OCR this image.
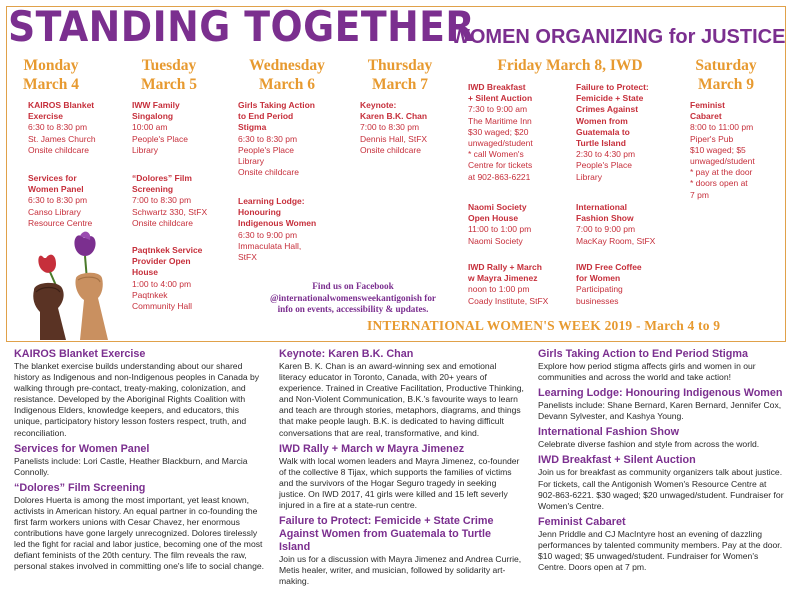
STANDING TOGETHER
WOMEN ORGANIZING for JUSTICE
Monday
March 4
Tuesday
March 5
Wednesday
March 6
Thursday
March 7
Friday March 8, IWD	Saturday
March 9
KAIROS Blanket
Exercise
6:30 to 8:30 pm
St. James Church
Onsite childcare
Services for
Women Panel
6:30 to 8:30 pm
Canso Library
Resource Centre
IWW Family
Singalong
10:00 am
People's Place
Library
“Dolores” Film
Screening
7:00 to 8:30 pm
Schwartz 330, StFX
Onsite childcare
Paqtnkek Service
Provider Open
House
1:00 to 4:00 pm
Paqtnkek
Community Hall
Girls Taking Action
to End Period
Stigma
6:30 to 8:30 pm
People's Place
Library
Onsite childcare
Learning Lodge:
Honouring
Indigenous Women
6:30 to 9:00 pm
Immaculata Hall,
StFX
Keynote:
Karen B.K. Chan
7:00 to 8:30 pm
Dennis Hall, StFX
Onsite childcare
IWD Breakfast
+ Silent Auction
7:30 to 9:00 am
The Maritime Inn
$30 waged; $20
unwaged/student
* call Women's
Centre for tickets
at 902-863-6221
Naomi Society
Open House
11:00 to 1:00 pm
Naomi Society
IWD Rally + March
w Mayra Jimenez
noon to 1:00 pm
Coady Institute, StFX
Failure to Protect:
Femicide + State
Crimes Against
Women from
Guatemala to
Turtle Island
2:30 to 4:30 pm
People's Place
Library
International
Fashion Show
7:00 to 9:00 pm
MacKay Room, StFX
IWD Free Coffee
for Women
Participating
businesses
Feminist
Cabaret
8:00 to 11:00 pm
Piper's Pub
$10 waged; $5
unwaged/student
* pay at the door
* doors open at
7 pm
Find us on Facebook
@internationalwomensweekantigonish for
info on events, accessibility & updates.
INTERNATIONAL WOMEN'S WEEK 2019 - March 4 to 9
KAIROS Blanket Exercise
The blanket exercise builds understanding about our shared history as Indigenous and non-Indigenous peoples in Canada by walking through pre-contact, treaty-making, colonization, and resistance. Developed by the Aboriginal Rights Coalition with Indigenous Elders, knowledge keepers, and educators, this unique, participatory history lesson fosters respect, truth, and reconciliation.
Services for Women Panel
Panelists include: Lori Castle, Heather Blackburn, and Marcia Connolly.
“Dolores” Film Screening
Dolores Huerta is among the most important, yet least known, activists in American history. An equal partner in co-founding the first farm workers unions with Cesar Chavez, her enormous contributions have gone largely unrecognized. Dolores tirelessly led the fight for racial and labor justice, becoming one of the most defiant feminists of the 20th century. The film reveals the raw, personal stakes involved in committing one's life to social change.
Keynote: Karen B.K. Chan
Karen B. K. Chan is an award-winning sex and emotional literacy educator in Toronto, Canada, with 20+ years of experience. Trained in Creative Facilitation, Productive Thinking, and Non-Violent Communication, B.K.'s favourite ways to learn and teach are through stories, metaphors, diagrams, and things that make people laugh. B.K. is dedicated to having difficult conversations that are real, transformative, and kind.
IWD Rally + March w Mayra Jimenez
Walk with local women leaders and Mayra Jimenez, co-founder of the collective 8 Tijax, which supports the families of victims and the survivors of the Hogar Seguro tragedy in seeking justice. On IWD 2017, 41 girls were killed and 15 left severly injured in a fire at a state-run centre.
Failure to Protect: Femicide + State Crime Against Women from Guatemala to Turtle Island
Join us for a discussion with Mayra Jimenez and Andrea Currie, Metis healer, writer, and musician, followed by solidarity art-making.
Girls Taking Action to End Period Stigma
Explore how period stigma affects girls and women in our communities and across the world and take action!
Learning Lodge: Honouring Indigenous Women
Panelists include: Shane Bernard, Karen Bernard, Jennifer Cox, Devann Sylvester, and Kashya Young.
International Fashion Show
Celebrate diverse fashion and style from across the world.
IWD Breakfast + Silent Auction
Join us for breakfast as community organizers talk about justice. For tickets, call the Antigonish Women's Resource Centre at 902-863-6221. $30 waged; $20 unwaged/student. Fundraiser for Women's Centre.
Feminist Cabaret
Jenn Priddle and CJ MacIntyre host an evening of dazzling performances by talented community members. Pay at the door. $10 waged; $5 unwaged/student. Fundraiser for Women's Centre. Doors open at 7 pm.
